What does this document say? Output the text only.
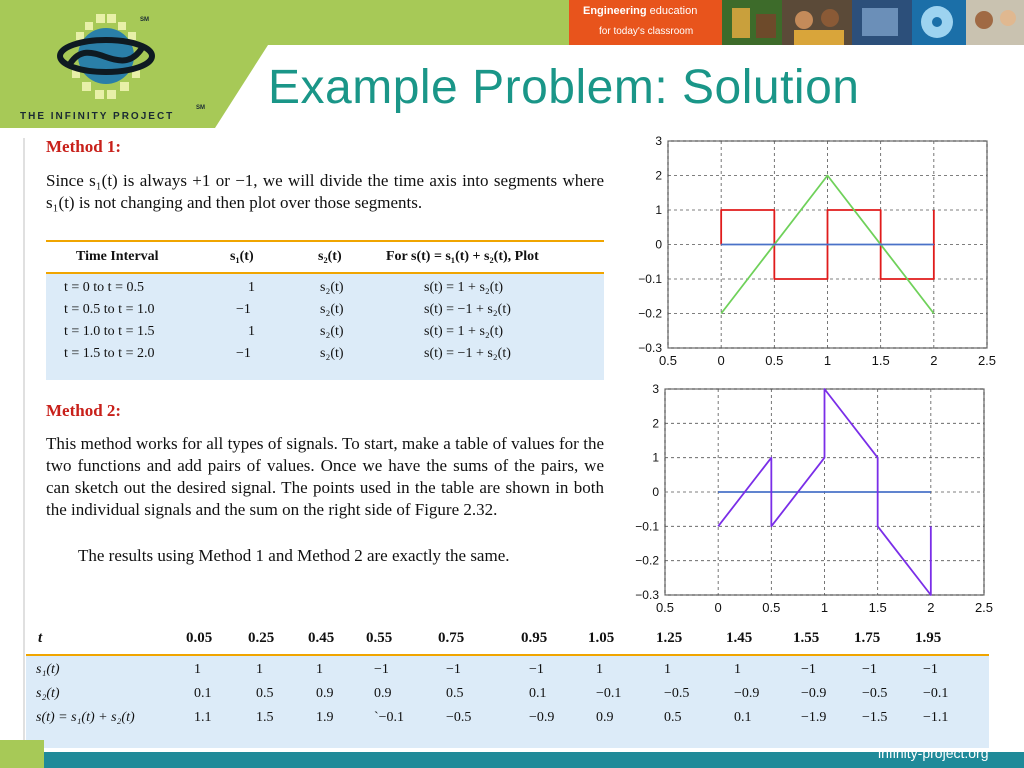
THE INFINITY PROJECT
SM
SM
Engineering education
for today's classroom
Example Problem: Solution
Method 1:
Since s₁(t) is always +1 or −1, we will divide the time axis into segments where s₁(t) is not changing and then plot over those segments.
Time Interval	s₁(t)	s₂(t)	For s(t) = s₁(t) + s₂(t), Plot
t = 0 to t = 0.5	1	s₂(t)	s(t) = 1 + s₂(t)
t = 0.5 to t = 1.0	−1	s₂(t)	s(t) = −1 + s₂(t)
t = 1.0 to t = 1.5	1	s₂(t)	s(t) = 1 + s₂(t)
t = 1.5 to t = 2.0	−1	s₂(t)	s(t) = −1 + s₂(t)
Method 2:
This method works for all types of signals. To start, make a table of values for the two functions and add pairs of values. Once we have the sums of the pairs, we can sketch out the desired signal. The points used in the table are shown in both the individual signals and the sum on the right side of Figure 2.32.
The results using Method 1 and Method 2 are exactly the same.
3
2
1
0
−0.1
−0.2
−0.3
0.5	0	0.5	1	1.5	2	2.5
3
2
1
0
−0.1
−0.2
−0.3
0.5	0	0.5	1	1.5	2	2.5
t	0.05 0.25 0.45 0.55	0.75	0.95	1.05	1.25	1.45	1.55 1.75 1.95
s₁(t)	1	1	1	−1	−1	−1	1	1	1	−1	−1	−1
s₂(t)	0.1	0.5	0.9	0.9	0.5	0.1	−0.1	−0.5	−0.9	−0.9	−0.5	−0.1
s(t) = s₁(t) + s₂(t)	1.1	1.5	1.9	`−0.1	−0.5	−0.9	0.9	0.5	0.1	−1.9	−1.5	−1.1
infinity-project.org
